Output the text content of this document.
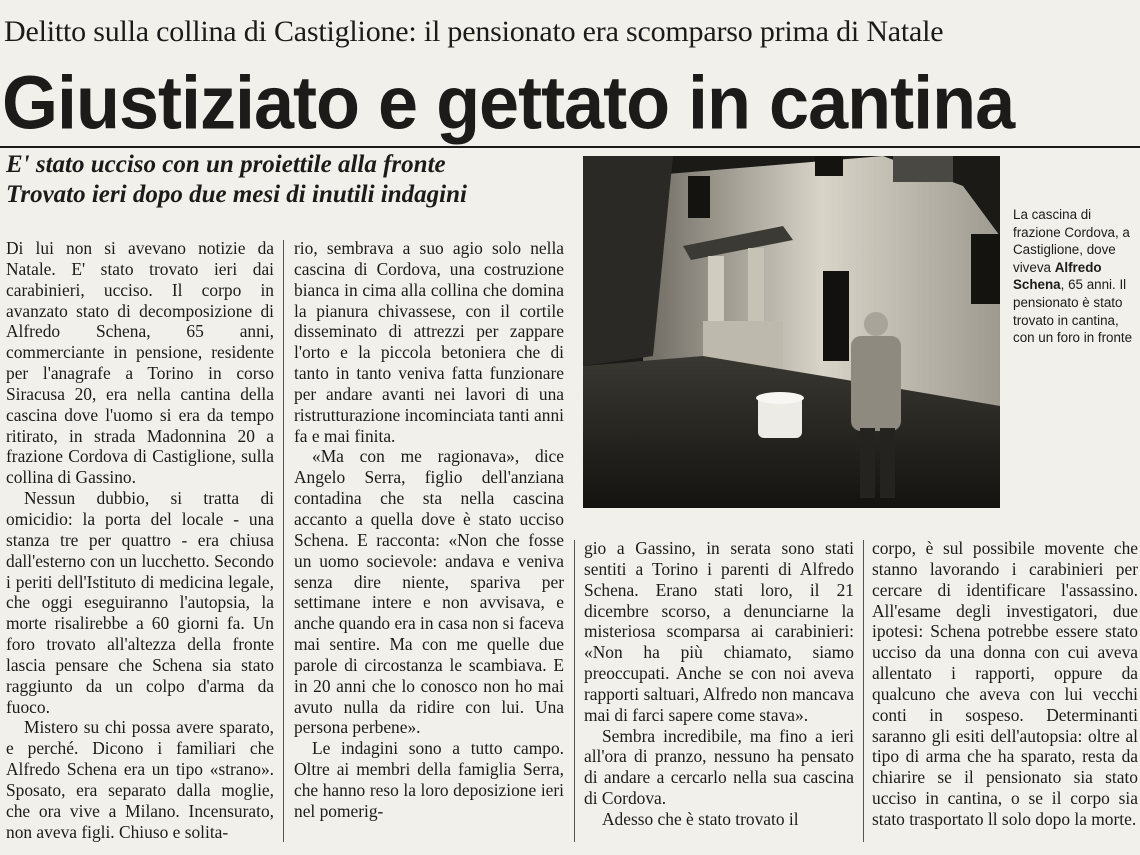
Delitto sulla collina di Castiglione: il pensionato era scomparso prima di Natale
Giustiziato e gettato in cantina
E' stato ucciso con un proiettile alla fronte
Trovato ieri dopo due mesi di inutili indagini

Di lui non si avevano notizie da Natale. E' stato trovato ieri dai carabinieri, ucciso. Il corpo in avanzato stato di decomposizione di Alfredo Schena, 65 anni, commerciante in pensione, residente per l'anagrafe a Torino in corso Siracusa 20, era nella cantina della cascina dove l'uomo si era da tempo ritirato, in strada Madonnina 20 a frazione Cordova di Castiglione, sulla collina di Gassino.

Nessun dubbio, si tratta di omicidio: la porta del locale - una stanza tre per quattro - era chiusa dall'esterno con un lucchetto. Secondo i periti dell'Istituto di medicina legale, che oggi eseguiranno l'autopsia, la morte risalirebbe a 60 giorni fa. Un foro trovato all'altezza della fronte lascia pensare che Schena sia stato raggiunto da un colpo d'arma da fuoco.

Mistero su chi possa avere sparato, e perché. Dicono i familiari che Alfredo Schena era un tipo «strano». Sposato, era separato dalla moglie, che ora vive a Milano. Incensurato, non aveva figli. Chiuso e solita-

rio, sembrava a suo agio solo nella cascina di Cordova, una costruzione bianca in cima alla collina che domina la pianura chivassese, con il cortile disseminato di attrezzi per zappare l'orto e la piccola betoniera che di tanto in tanto veniva fatta funzionare per andare avanti nei lavori di una ristrutturazione incominciata tanti anni fa e mai finita.

«Ma con me ragionava», dice Angelo Serra, figlio dell'anziana contadina che sta nella cascina accanto a quella dove è stato ucciso Schena. E racconta: «Non che fosse un uomo socievole: andava e veniva senza dire niente, spariva per settimane intere e non avvisava, e anche quando era in casa non si faceva mai sentire. Ma con me quelle due parole di circostanza le scambiava. E in 20 anni che lo conosco non ho mai avuto nulla da ridire con lui. Una persona perbene».

Le indagini sono a tutto campo. Oltre ai membri della famiglia Serra, che hanno reso la loro deposizione ieri nel pomerig-

La cascina di frazione Cordova, a Castiglione, dove viveva Alfredo Schena, 65 anni. Il pensionato è stato trovato in cantina, con un foro in fronte

gio a Gassino, in serata sono stati sentiti a Torino i parenti di Alfredo Schena. Erano stati loro, il 21 dicembre scorso, a denunciarne la misteriosa scomparsa ai carabinieri: «Non ha più chiamato, siamo preoccupati. Anche se con noi aveva rapporti saltuari, Alfredo non mancava mai di farci sapere come stava».

Sembra incredibile, ma fino a ieri all'ora di pranzo, nessuno ha pensato di andare a cercarlo nella sua cascina di Cordova.

Adesso che è stato trovato il

corpo, è sul possibile movente che stanno lavorando i carabinieri per cercare di identificare l'assassino. All'esame degli investigatori, due ipotesi: Schena potrebbe essere stato ucciso da una donna con cui aveva allentato i rapporti, oppure da qualcuno che aveva con lui vecchi conti in sospeso. Determinanti saranno gli esiti dell'autopsia: oltre al tipo di arma che ha sparato, resta da chiarire se il pensionato sia stato ucciso in cantina, o se il corpo sia stato trasportato ll solo dopo la morte.
